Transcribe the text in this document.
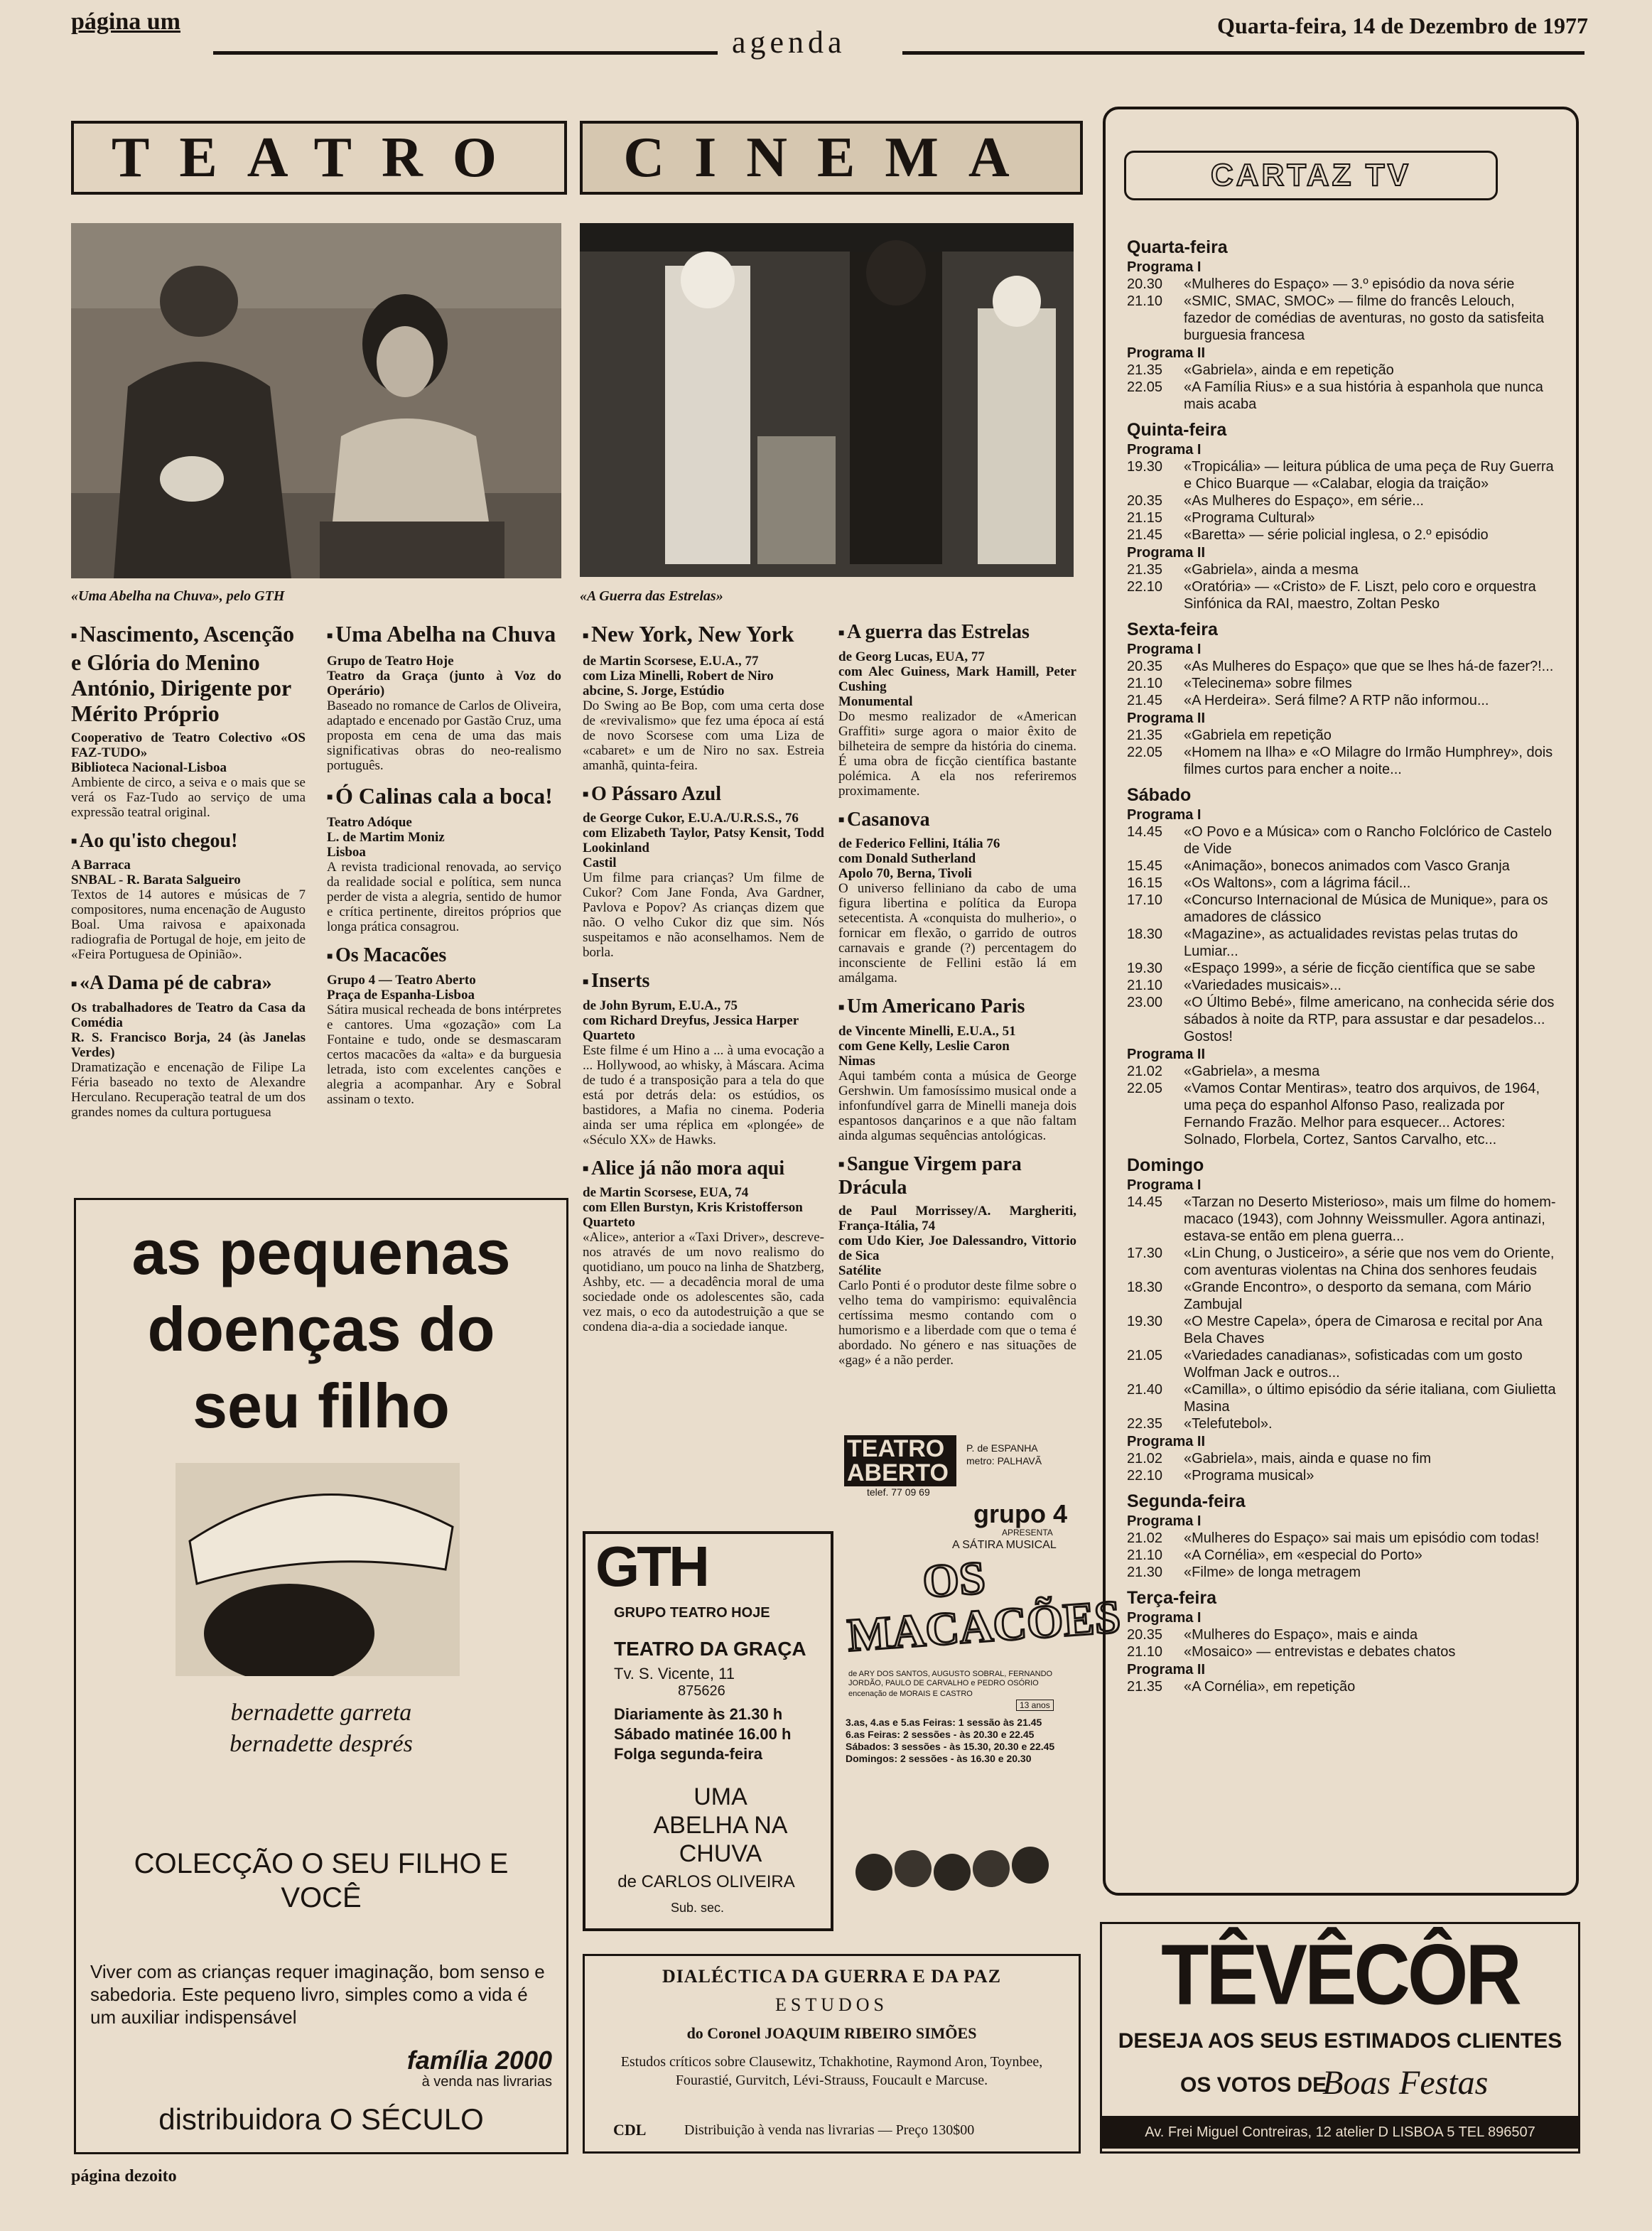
página um
agenda	Quarta-feira, 14 de Dezembro de 1977
TEATRO	CINEMA
«Uma Abelha na Chuva», pelo GTH	«A Guerra das Estrelas»
■ Nascimento, Ascenção e Glória do Menino António, Dirigente por Mérito Próprio

Cooperativo de Teatro Colectivo «OS FAZ-TUDO»

Biblioteca Nacional-Lisboa

Ambiente de circo, a seiva e o mais que se verá os Faz-Tudo ao serviço de uma expressão teatral original.

■ Ao qu'isto chegou!

A Barraca

SNBAL - R. Barata Salgueiro

Textos de 14 autores e músicas de 7 compositores, numa encenação de Augusto Boal. Uma raivosa e apaixonada radiografia de Portugal de hoje, em jeito de «Feira Portuguesa de Opinião».

■ «A Dama pé de cabra»

Os trabalhadores de Teatro da Casa da Comédia

R. S. Francisco Borja, 24 (às Janelas Verdes)

Dramatização e encenação de Filipe La Féria baseado no texto de Alexandre Herculano. Recuperação teatral de um dos grandes nomes da cultura portuguesa

■ Uma Abelha na Chuva

Grupo de Teatro Hoje

Teatro da Graça (junto à Voz do Operário)

Baseado no romance de Carlos de Oliveira, adaptado e encenado por Gastão Cruz, uma proposta em cena de uma das mais significativas obras do neo-realismo português.

■ Ó Calinas cala a boca!

Teatro Adóque

L. de Martim Moniz

Lisboa

A revista tradicional renovada, ao serviço da realidade social e política, sem nunca perder de vista a alegria, sentido de humor e crítica pertinente, direitos próprios que longa prática consagrou.

■ Os Macacões

Grupo 4 — Teatro Aberto

Praça de Espanha-Lisboa

Sátira musical recheada de bons intérpretes e cantores. Uma «gozação» com La Fontaine e tudo, onde se desmascaram certos macacões da «alta» e da burguesia letrada, isto com excelentes canções e alegria a acompanhar. Ary e Sobral assinam o texto.

■ New York, New York

de Martin Scorsese, E.U.A., 77

com Liza Minelli, Robert de Niro

abcine, S. Jorge, Estúdio

Do Swing ao Be Bop, com uma certa dose de «revivalismo» que fez uma época aí está de novo Scorsese com uma Liza de «cabaret» e um de Niro no sax. Estreia amanhã, quinta-feira.

■ O Pássaro Azul

de George Cukor, E.U.A./U.R.S.S., 76

com Elizabeth Taylor, Patsy Kensit, Todd Lookinland

Castil

Um filme para crianças? Um filme de Cukor? Com Jane Fonda, Ava Gardner, Pavlova e Popov? As crianças dizem que não. O velho Cukor diz que sim. Nós suspeitamos e não aconselhamos. Nem de borla.

■ Inserts

de John Byrum, E.U.A., 75

com Richard Dreyfus, Jessica Harper

Quarteto

Este filme é um Hino a ... à uma evocação a ... Hollywood, ao whisky, à Máscara. Acima de tudo é a transposição para a tela do que está por detrás dela: os estúdios, os bastidores, a Mafia no cinema. Poderia ainda ser uma réplica em «plongée» de «Século XX» de Hawks.

■ Alice já não mora aqui

de Martin Scorsese, EUA, 74

com Ellen Burstyn, Kris Kristofferson

Quarteto

«Alice», anterior a «Taxi Driver», descreve-nos através de um novo realismo do quotidiano, um pouco na linha de Shatzberg, Ashby, etc. — a decadência moral de uma sociedade onde os adolescentes são, cada vez mais, o eco da autodestruição a que se condena dia-a-dia a sociedade ianque.

■ A guerra das Estrelas

de Georg Lucas, EUA, 77

com Alec Guiness, Mark Hamill, Peter Cushing

Monumental

Do mesmo realizador de «American Graffiti» surge agora o maior êxito de bilheteira de sempre da história do cinema. É uma obra de ficção científica bastante polémica. A ela nos referiremos proximamente.

■ Casanova

de Federico Fellini, Itália 76

com Donald Sutherland

Apolo 70, Berna, Tivoli

O universo felliniano da cabo de uma figura libertina e política da Europa setecentista. A «conquista do mulherio», o fornicar em flexão, o garrido de outros carnavais e grande (?) percentagem do inconsciente de Fellini estão lá em amálgama.

■ Um Americano Paris

de Vincente Minelli, E.U.A., 51

com Gene Kelly, Leslie Caron

Nimas

Aqui também conta a música de George Gershwin. Um famosíssimo musical onde a infonfundível garra de Minelli maneja dois espantosos dançarinos e a que não faltam ainda algumas sequências antológicas.

■ Sangue Virgem para Drácula

de Paul Morrissey/A. Margheriti, França-Itália, 74

com Udo Kier, Joe Dalessandro, Vittorio de Sica

Satélite

Carlo Ponti é o produtor deste filme sobre o velho tema do vampirismo: equivalência certíssima mesmo contando com o humorismo e a liberdade com que o tema é abordado. No género e nas situações de «gag» é a não perder.

as pequenas doenças do seu filho
bernadette garreta
bernadette després
COLECÇÃO O SEU FILHO E VOCÊ
Viver com as crianças requer imaginação, bom senso e sabedoria. Este pequeno livro, simples como a vida é um auxiliar indispensável
família 2000
à venda nas livrarias
distribuidora O SÉCULO
GTH
GRUPO TEATRO HOJE
TEATRO DA GRAÇA
Tv. S. Vicente, 11
875626
Diariamente às 21.30 h
Sábado matinée 16.00 h
Folga segunda-feira
UMA ABELHA NA CHUVA
de CARLOS OLIVEIRA
Sub. sec.
TEATRO ABERTO
P. de ESPANHA
metro: PALHAVÃ
telef. 77 09 69
grupo 4
APRESENTA
A SÁTIRA MUSICAL
OS MACACÕES
de ARY DOS SANTOS, AUGUSTO SOBRAL, FERNANDO JORDÃO, PAULO DE CARVALHO e PEDRO OSÓRIO
encenação de MORAIS E CASTRO
13 anos
3.as, 4.as e 5.as Feiras: 1 sessão às 21.45
6.as Feiras: 2 sessões - às 20.30 e 22.45
Sábados: 3 sessões - às 15.30, 20.30 e 22.45
Domingos: 2 sessões - às 16.30 e 20.30
DIALÉCTICA DA GUERRA E DA PAZ
ESTUDOS
do Coronel JOAQUIM RIBEIRO SIMÕES
Estudos críticos sobre Clausewitz, Tchakhotine, Raymond Aron, Toynbee, Fourastié, Gurvitch, Lévi-Strauss, Foucault e Marcuse.
CDL	Distribuição à venda nas livrarias — Preço 130$00
CARTAZ TV
Quarta-feira
Programa I
20.30	«Mulheres do Espaço» — 3.º episódio da nova série
21.10	«SMIC, SMAC, SMOC» — filme do francês Lelouch, fazedor de comédias de aventuras, no gosto da satisfeita burguesia francesa
Programa II
21.35	«Gabriela», ainda e em repetição
22.05	«A Família Rius» e a sua história à espanhola que nunca mais acaba
Quinta-feira
Programa I
19.30	«Tropicália» — leitura pública de uma peça de Ruy Guerra e Chico Buarque — «Calabar, elogia da traição»
20.35	«As Mulheres do Espaço», em série...
21.15	«Programa Cultural»
21.45	«Baretta» — série policial inglesa, o 2.º episódio
Programa II
21.35	«Gabriela», ainda a mesma
22.10	«Oratória» — «Cristo» de F. Liszt, pelo coro e orquestra Sinfónica da RAI, maestro, Zoltan Pesko
Sexta-feira
Programa I
20.35	«As Mulheres do Espaço» que que se lhes há-de fazer?!...
21.10	«Telecinema» sobre filmes
21.45	«A Herdeira». Será filme? A RTP não informou...
Programa II
21.35	«Gabriela em repetição
22.05	«Homem na Ilha» e «O Milagre do Irmão Humphrey», dois filmes curtos para encher a noite...
Sábado
Programa I
14.45	«O Povo e a Música» com o Rancho Folclórico de Castelo de Vide
15.45	«Animação», bonecos animados com Vasco Granja
16.15	«Os Waltons», com a lágrima fácil...
17.10	«Concurso Internacional de Música de Munique», para os amadores de clássico
18.30	«Magazine», as actualidades revistas pelas trutas do Lumiar...
19.30	«Espaço 1999», a série de ficção científica que se sabe
21.10	«Variedades musicais»...
23.00	«O Último Bebé», filme americano, na conhecida série dos sábados à noite da RTP, para assustar e dar pesadelos... Gostos!
Programa II
21.02	«Gabriela», a mesma
22.05	«Vamos Contar Mentiras», teatro dos arquivos, de 1964, uma peça do espanhol Alfonso Paso, realizada por Fernando Frazão. Melhor para esquecer... Actores: Solnado, Florbela, Cortez, Santos Carvalho, etc...
Domingo
Programa I
14.45	«Tarzan no Deserto Misterioso», mais um filme do homem-macaco (1943), com Johnny Weissmuller. Agora antinazi, estava-se então em plena guerra...
17.30	«Lin Chung, o Justiceiro», a série que nos vem do Oriente, com aventuras violentas na China dos senhores feudais
18.30	«Grande Encontro», o desporto da semana, com Mário Zambujal
19.30	«O Mestre Capela», ópera de Cimarosa e recital por Ana Bela Chaves
21.05	«Variedades canadianas», sofisticadas com um gosto Wolfman Jack e outros...
21.40	«Camilla», o último episódio da série italiana, com Giulietta Masina
22.35	«Telefutebol».
Programa II
21.02	«Gabriela», mais, ainda e quase no fim
22.10	«Programa musical»
Segunda-feira
Programa I
21.02	«Mulheres do Espaço» sai mais um episódio com todas!
21.10	«A Cornélia», em «especial do Porto»
21.30	«Filme» de longa metragem
Terça-feira
Programa I
20.35	«Mulheres do Espaço», mais e ainda
21.10	«Mosaico» — entrevistas e debates chatos
Programa II
21.35	«A Cornélia», em repetição
TÊVÊCÔR
DESEJA AOS SEUS ESTIMADOS CLIENTES
OS VOTOS DE
Boas Festas
Av. Frei Miguel Contreiras, 12 atelier D LISBOA 5 TEL 896507
página dezoito
